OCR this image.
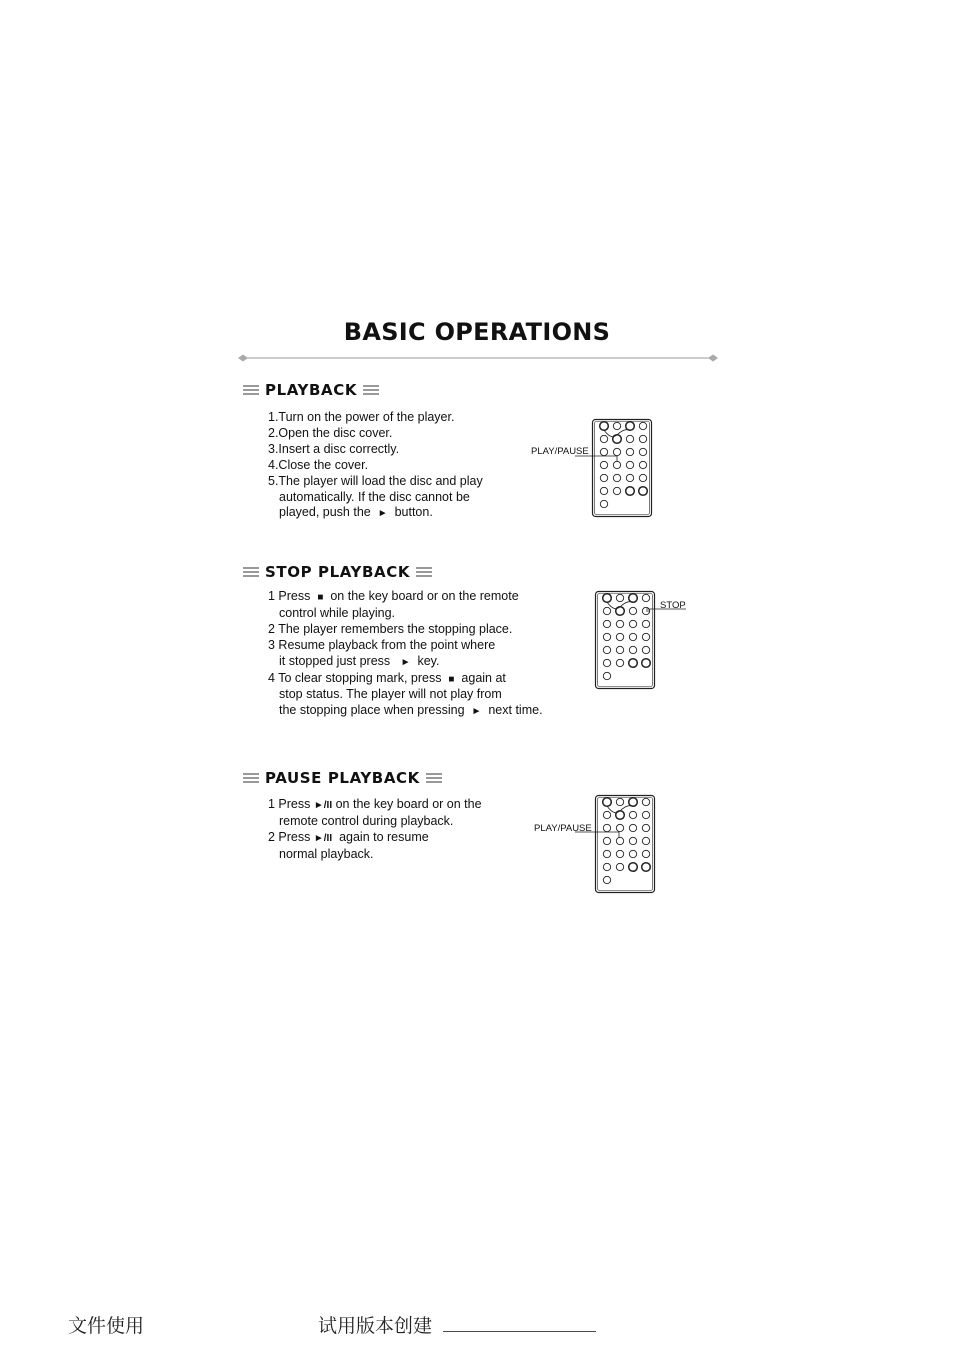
BASIC OPERATIONS
PLAYBACK

1.Turn on the power of the player.

2.Open the disc cover.

3.Insert a disc correctly.

4.Close the cover.

5.The player will load the disc and play

automatically. If the disc cannot be

played, push the ► button.

PLAY/PAUSE
STOP PLAYBACK

1 Press ■ on the key board or on the remote

control while playing.

2 The player remembers the stopping place.

3 Resume playback from the point where

it stopped just press ► key.

4 To clear stopping mark, press ■ again at

stop status. The player will not play from

the stopping place when pressing ► next time.

STOP
PAUSE PLAYBACK

1 Press ►/II on the key board or on the

remote control during playback.

2 Press ►/II again to resume

normal playback.

PLAY/PAUSE
文件使用	试用版本创建
